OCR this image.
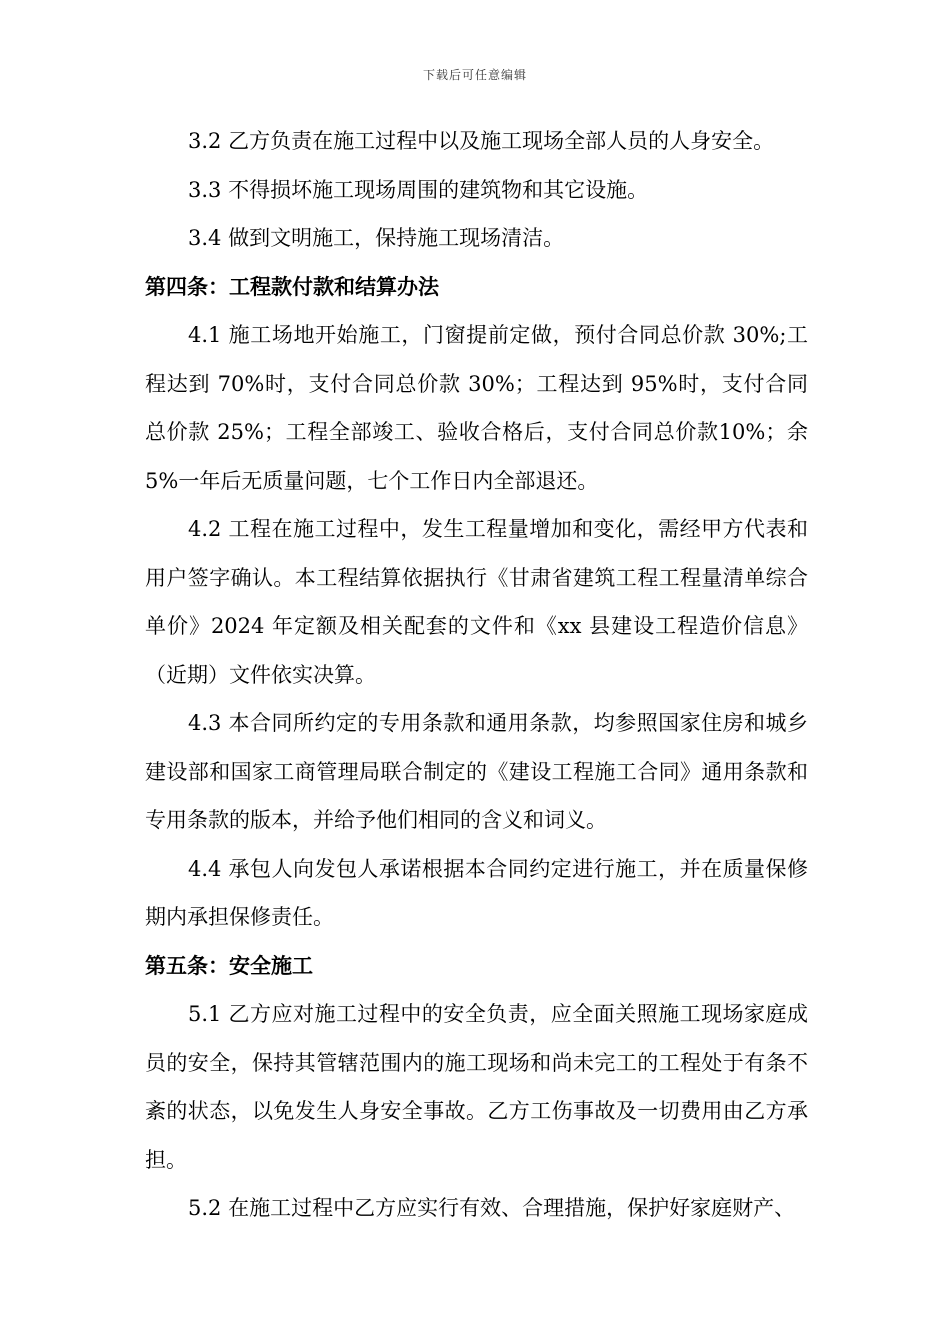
下载后可任意编辑

3.2 乙方负责在施工过程中以及施工现场全部人员的人身安全。

3.3 不得损坏施工现场周围的建筑物和其它设施。

3.4 做到文明施工，保持施工现场清洁。

第四条：工程款付款和结算办法

4.1 施工场地开始施工，门窗提前定做，预付合同总价款 30%;工程达到 70%时，支付合同总价款 30%；工程达到 95%时，支付合同总价款 25%；工程全部竣工、验收合格后，支付合同总价款10%；余 5%一年后无质量问题，七个工作日内全部退还。

4.2 工程在施工过程中，发生工程量增加和变化，需经甲方代表和用户签字确认。本工程结算依据执行《甘肃省建筑工程工程量清单综合单价》2024 年定额及相关配套的文件和《xx 县建设工程造价信息》（近期）文件依实决算。

4.3 本合同所约定的专用条款和通用条款，均参照国家住房和城乡建设部和国家工商管理局联合制定的《建设工程施工合同》通用条款和专用条款的版本，并给予他们相同的含义和词义。

4.4 承包人向发包人承诺根据本合同约定进行施工，并在质量保修期内承担保修责任。

第五条：安全施工

5.1 乙方应对施工过程中的安全负责，应全面关照施工现场家庭成员的安全，保持其管辖范围内的施工现场和尚未完工的工程处于有条不紊的状态，以免发生人身安全事故。乙方工伤事故及一切费用由乙方承担。

5.2 在施工过程中乙方应实行有效、合理措施，保护好家庭财产、
